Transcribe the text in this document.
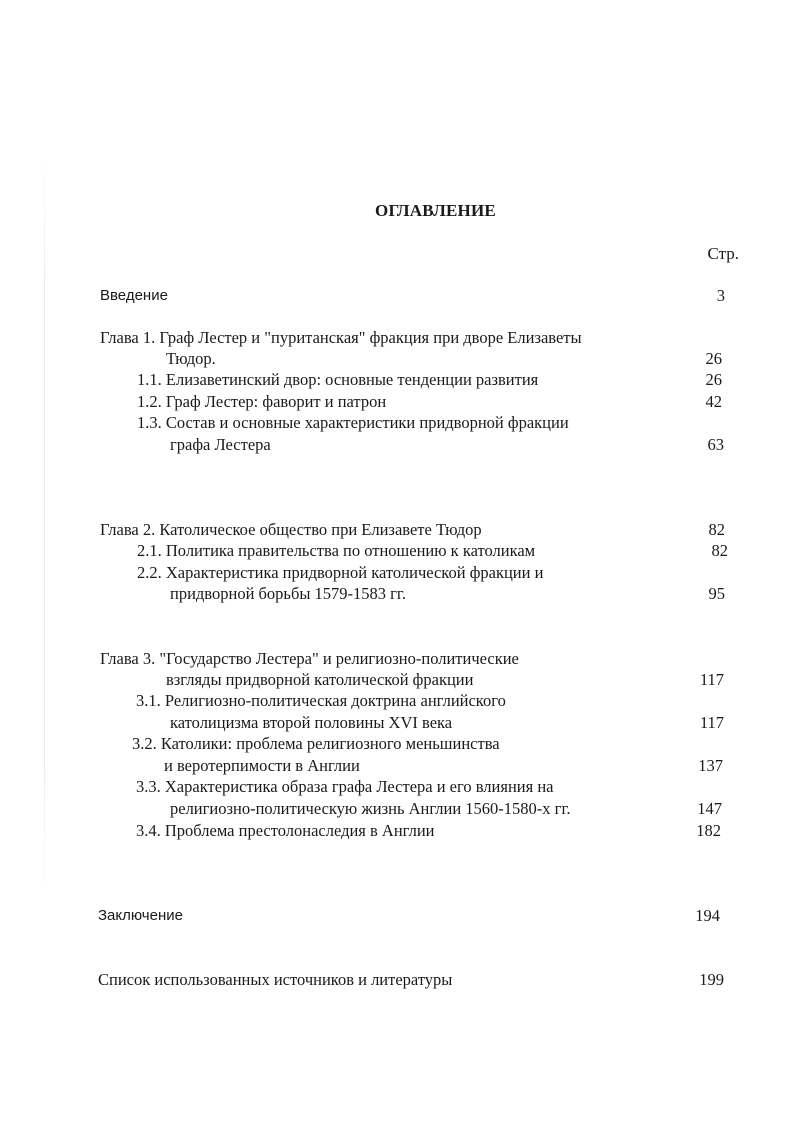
ОГЛАВЛЕНИЕ
Стр.
Введение	3
Глава 1. Граф Лестер и "пуританская" фракция при дворе Елизаветы
Тюдор.	26
1.1. Елизаветинский двор: основные тенденции развития	26
1.2. Граф Лестер: фаворит и патрон	42
1.3. Состав и основные характеристики придворной фракции
графа Лестера	63
Глава 2. Католическое общество при Елизавете Тюдор	82
2.1. Политика правительства по отношению к католикам	82
2.2. Характеристика придворной католической фракции и
придворной борьбы 1579-1583 гг.	95
Глава 3. "Государство Лестера" и религиозно-политические
взгляды придворной католической фракции	117
3.1. Религиозно-политическая доктрина английского
католицизма второй половины XVI века	117
3.2. Католики: проблема религиозного меньшинства
и веротерпимости в Англии	137
3.3. Характеристика образа графа Лестера и его влияния на
религиозно-политическую жизнь Англии 1560-1580-х гг.	147
3.4. Проблема престолонаследия в Англии	182
Заключение	194
Список использованных источников и литературы	199
